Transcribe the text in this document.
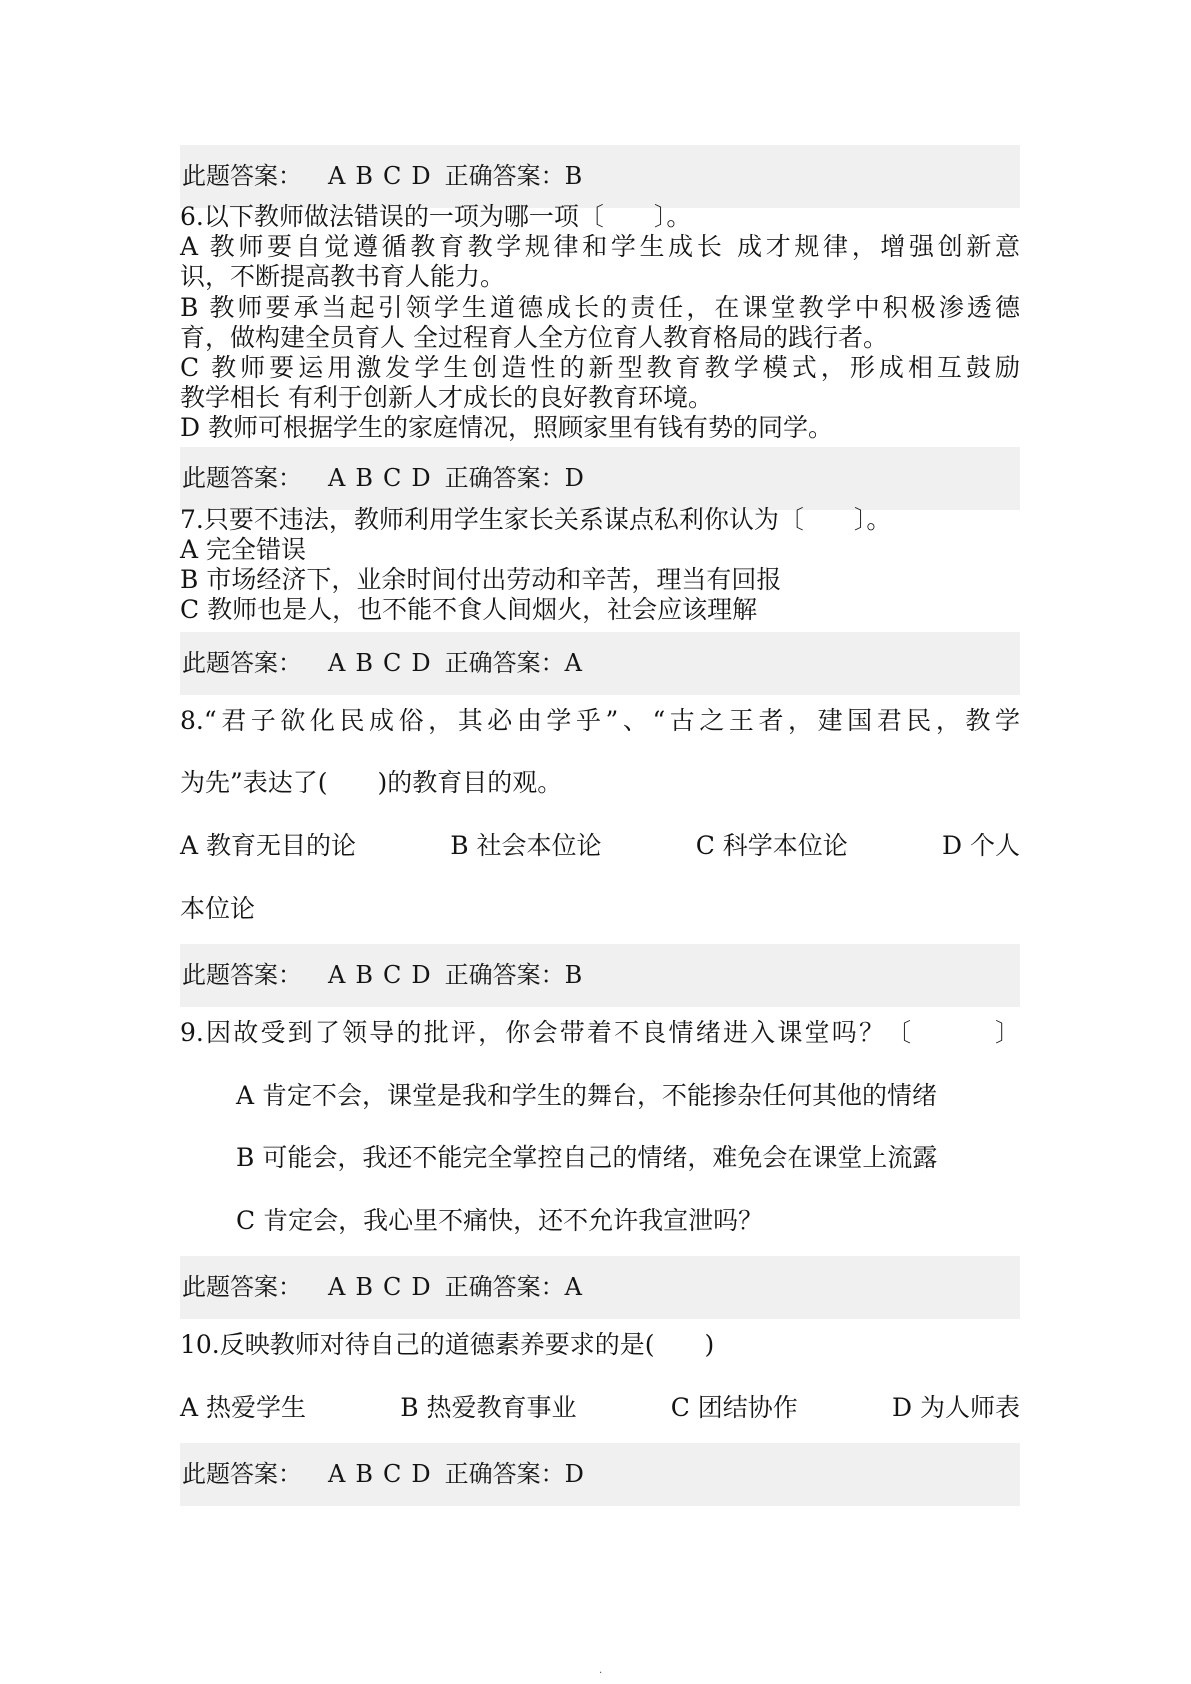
此题答案： A B C D 正确答案：B
6.以下教师做法错误的一项为哪一项〔　　〕。
A 教师要自觉遵循教育教学规律和学生成长 成才规律，增强创新意
识，不断提高教书育人能力。
B 教师要承当起引领学生道德成长的责任，在课堂教学中积极渗透德
育，做构建全员育人 全过程育人全方位育人教育格局的践行者。
C 教师要运用激发学生创造性的新型教育教学模式，形成相互鼓励
教学相长 有利于创新人才成长的良好教育环境。
D 教师可根据学生的家庭情况，照顾家里有钱有势的同学。
此题答案： A B C D 正确答案：D
7.只要不违法，教师利用学生家长关系谋点私利你认为〔　　〕。
A 完全错误
B 市场经济下，业余时间付出劳动和辛苦，理当有回报
C 教师也是人，也不能不食人间烟火，社会应该理解
此题答案： A B C D 正确答案：A
8.“君子欲化民成俗，其必由学乎”、“古之王者，建国君民，教学
为先”表达了(　　)的教育目的观。
A 教育无目的论	B 社会本位论	C 科学本位论	D 个人
本位论
此题答案： A B C D 正确答案：B
9.因故受到了领导的批评，你会带着不良情绪进入课堂吗？〔　　　〕
A 肯定不会，课堂是我和学生的舞台，不能掺杂任何其他的情绪
B 可能会，我还不能完全掌控自己的情绪，难免会在课堂上流露
C 肯定会，我心里不痛快，还不允许我宣泄吗？
此题答案： A B C D 正确答案：A
10.反映教师对待自己的道德素养要求的是(　　)
A 热爱学生	B 热爱教育事业	C 团结协作	D 为人师表
此题答案： A B C D 正确答案：D
.
